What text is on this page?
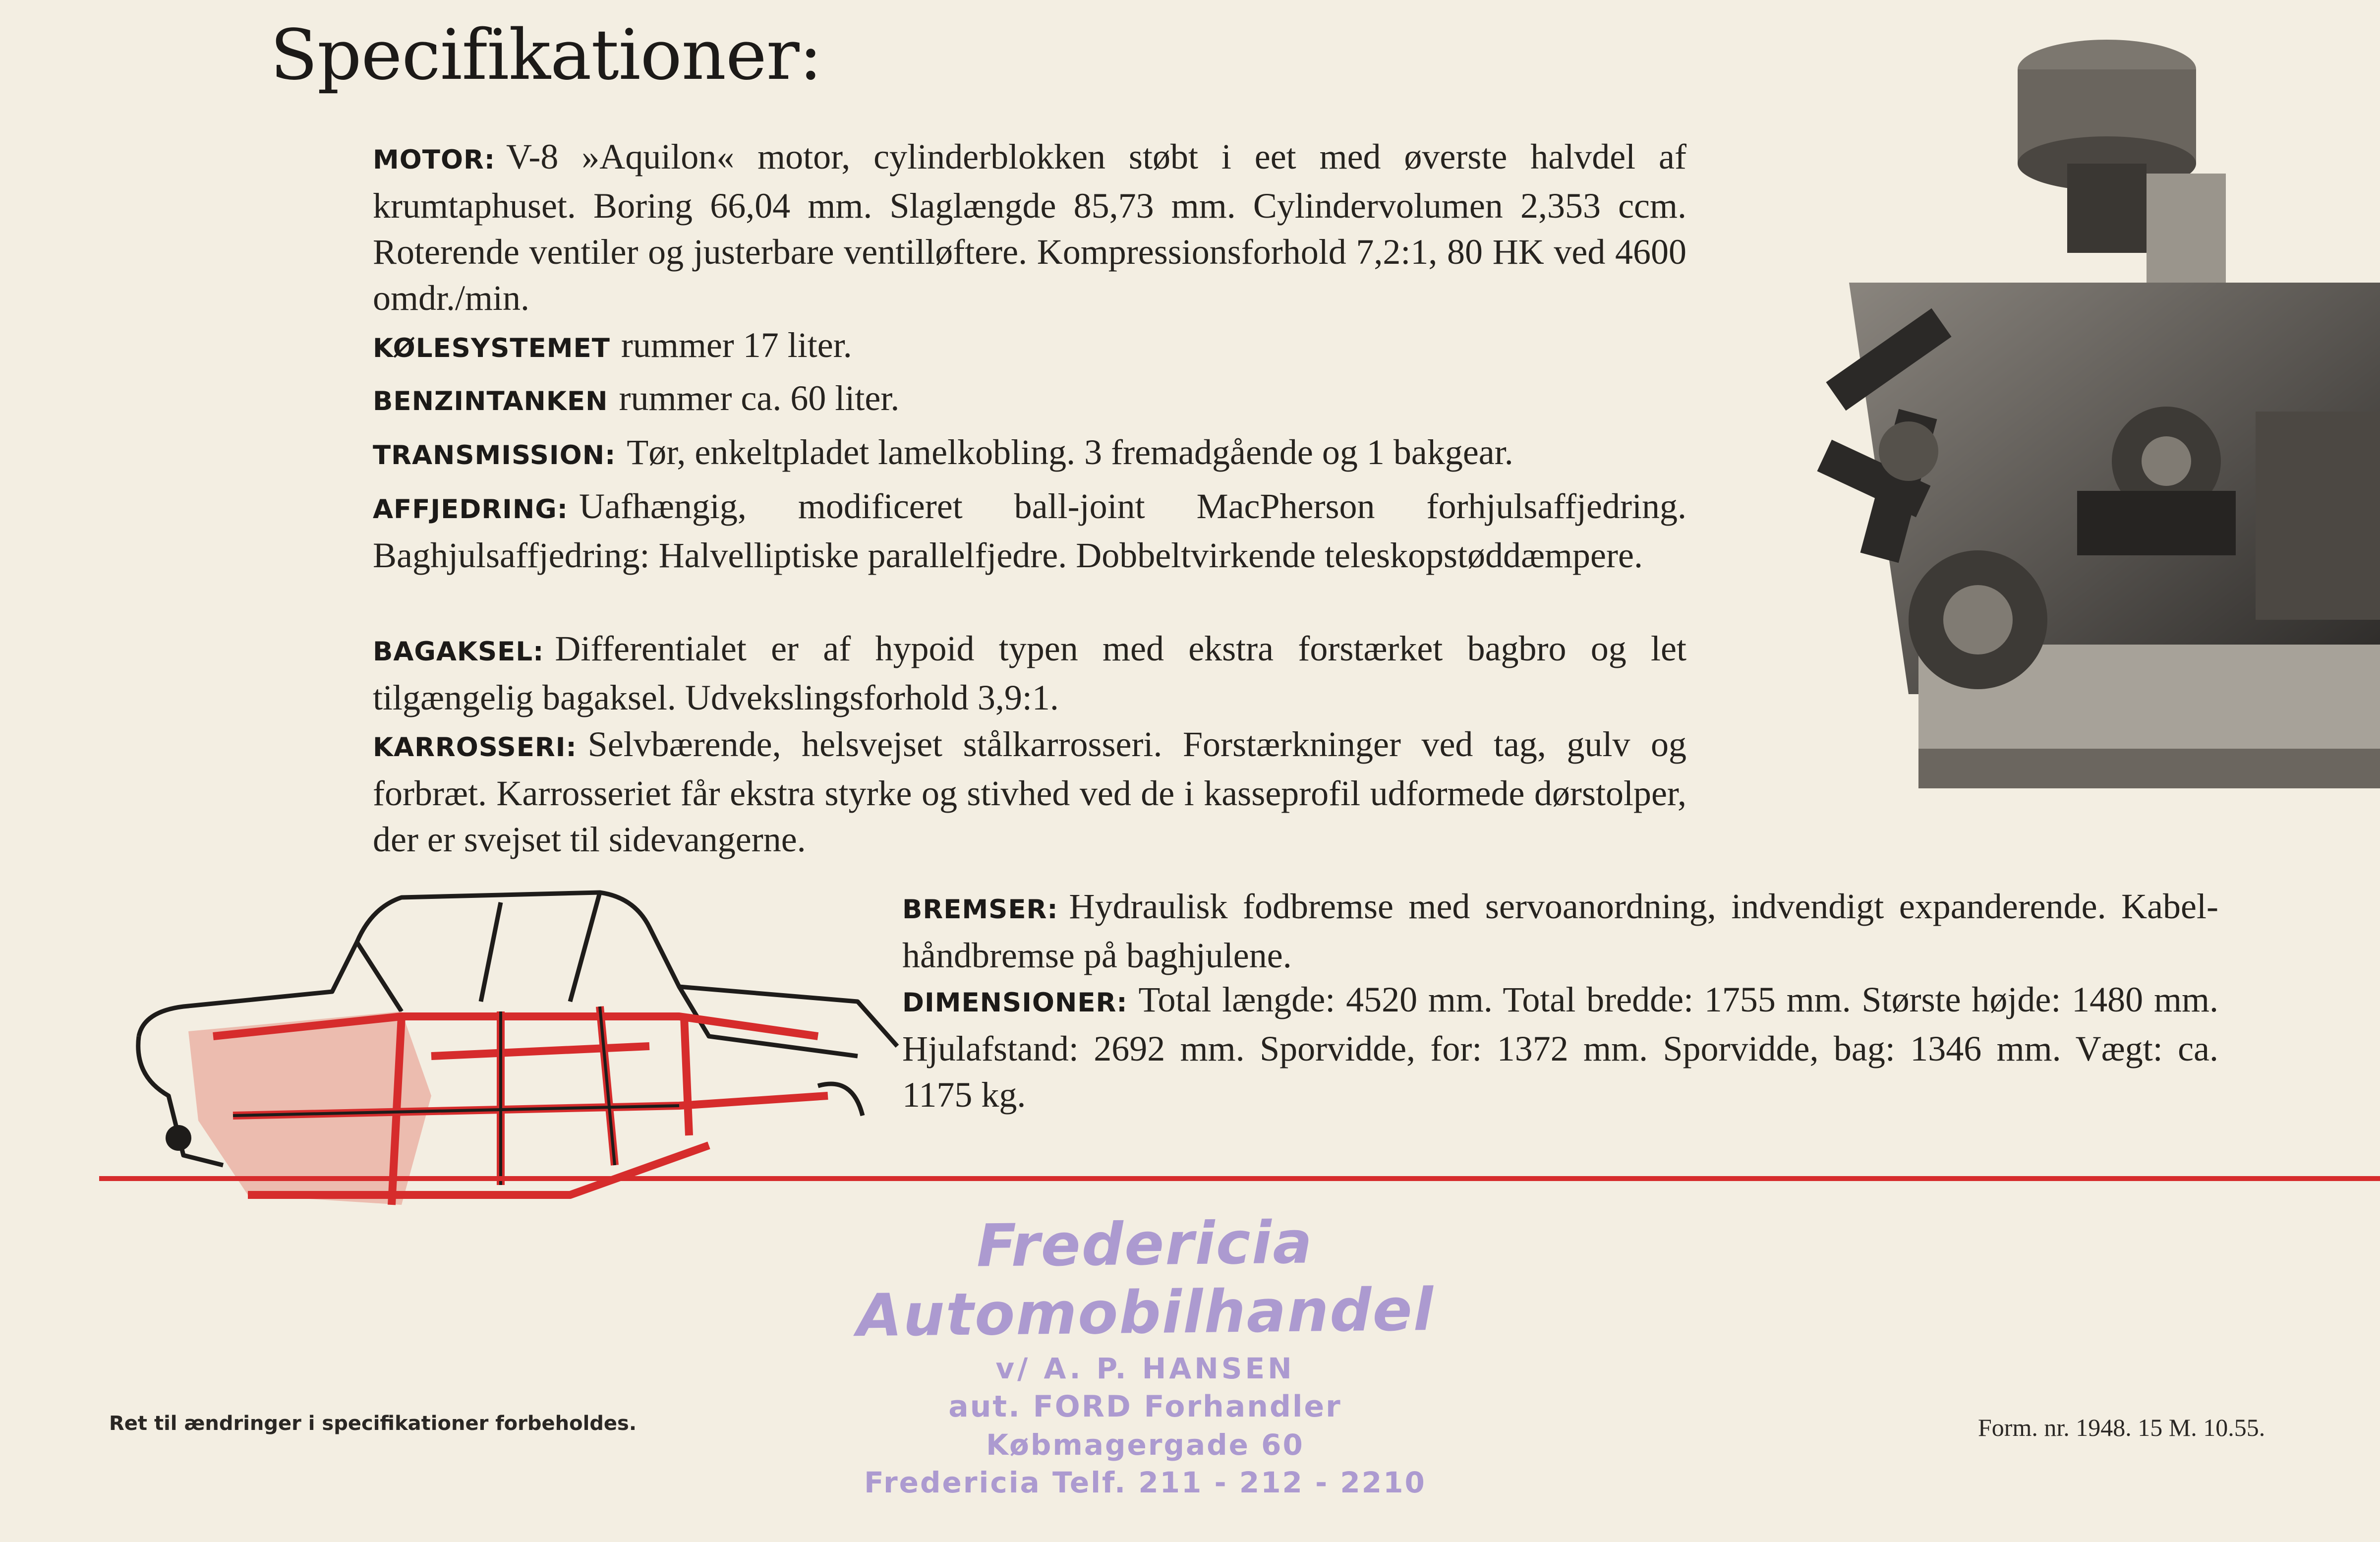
Specifikationer:
MOTOR: V-8 »Aquilon« motor, cylinderblokken støbt i eet med øverste halvdel af krumtaphuset. Boring 66,04 mm. Slaglængde 85,73 mm. Cylindervolumen 2,353 ccm. Roterende ventiler og justerbare ventilløftere. Kompressionsforhold 7,2:1, 80 HK ved 4600 omdr./min.
KØLESYSTEMET rummer 17 liter.
BENZINTANKEN rummer ca. 60 liter.
TRANSMISSION: Tør, enkeltpladet lamelkobling. 3 fremadgående og 1 bakgear.
AFFJEDRING: Uafhængig, modificeret ball-joint MacPherson forhjulsaffjedring. Baghjulsaffjedring: Halvelliptiske parallelfjedre. Dobbeltvirkende teleskopstøddæmpere.
BAGAKSEL: Differentialet er af hypoid typen med ekstra forstærket bagbro og let tilgængelig bagaksel. Udvekslingsforhold 3,9:1.
KARROSSERI: Selvbærende, helsvejset stålkarrosseri. Forstærkninger ved tag, gulv og forbræt. Karrosseriet får ekstra styrke og stivhed ved de i kasseprofil udformede dørstolper, der er svejset til sidevangerne.
BREMSER: Hydraulisk fodbremse med servoanordning, indvendigt expanderende. Kabel-håndbremse på baghjulene.
DIMENSIONER: Total længde: 4520 mm. Total bredde: 1755 mm. Største højde: 1480 mm. Hjulafstand: 2692 mm. Sporvidde, for: 1372 mm. Sporvidde, bag: 1346 mm. Vægt: ca. 1175 kg.
Fredericia Automobilhandel
v/ A. P. HANSEN
aut. FORD Forhandler
Købmagergade 60
Fredericia Telf. 211 - 212 - 2210
Ret til ændringer i specifikationer forbeholdes.	Form. nr. 1948. 15 M. 10.55.
